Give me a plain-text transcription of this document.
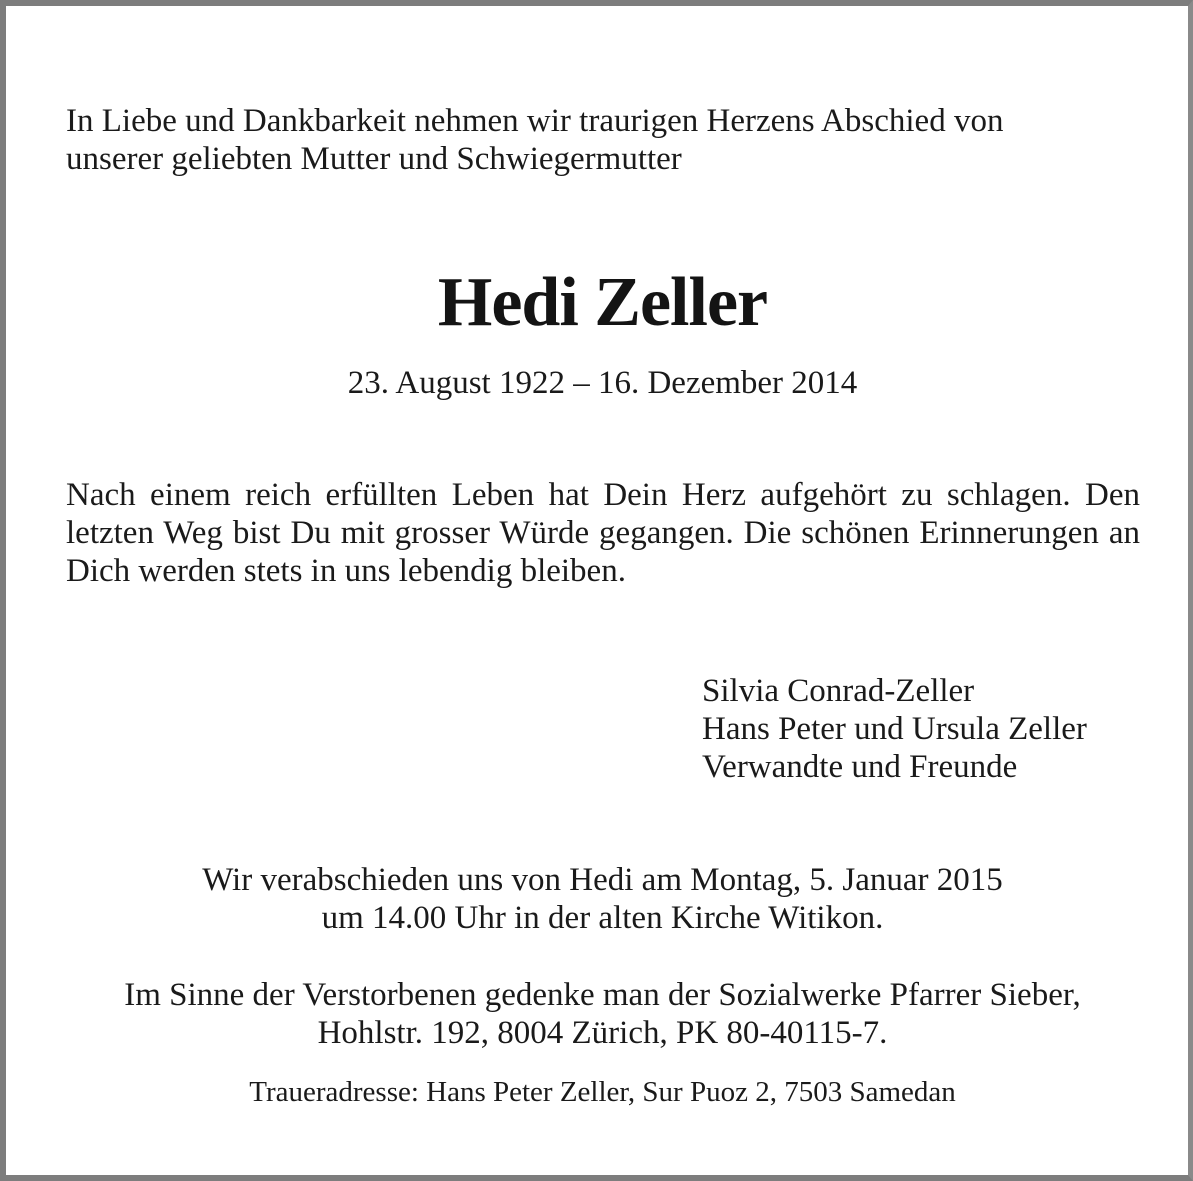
In Liebe und Dankbarkeit nehmen wir traurigen Herzens Abschied von
unserer geliebten Mutter und Schwiegermutter

Hedi Zeller

23. August 1922 – 16. Dezember 2014

Nach einem reich erfüllten Leben hat Dein Herz aufgehört zu schlagen. Den letzten Weg bist Du mit grosser Würde gegangen. Die schönen Erinnerungen an Dich werden stets in uns lebendig bleiben.

Silvia Conrad-Zeller
Hans Peter und Ursula Zeller
Verwandte und Freunde

Wir verabschieden uns von Hedi am Montag, 5. Januar 2015
um 14.00 Uhr in der alten Kirche Witikon.

Im Sinne der Verstorbenen gedenke man der Sozialwerke Pfarrer Sieber,
Hohlstr. 192, 8004 Zürich, PK 80-40115-7.

Traueradresse: Hans Peter Zeller, Sur Puoz 2, 7503 Samedan
